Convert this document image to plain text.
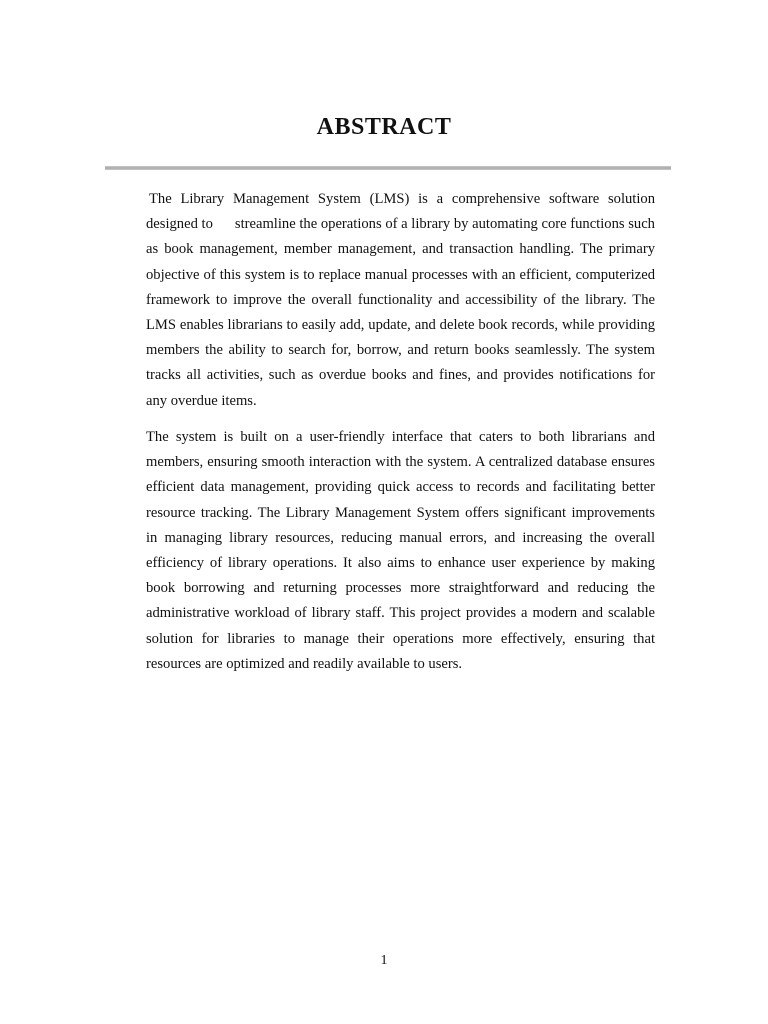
ABSTRACT

The Library Management System (LMS) is a comprehensive software solution designed to streamline the operations of a library by automating core functions such as book management, member management, and transaction handling. The primary objective of this system is to replace manual processes with an efficient, computerized framework to improve the overall functionality and accessibility of the library. The LMS enables librarians to easily add, update, and delete book records, while providing members the ability to search for, borrow, and return books seamlessly. The system tracks all activities, such as overdue books and fines, and provides notifications for any overdue items.

The system is built on a user-friendly interface that caters to both librarians and members, ensuring smooth interaction with the system. A centralized database ensures efficient data management, providing quick access to records and facilitating better resource tracking. The Library Management System offers significant improvements in managing library resources, reducing manual errors, and increasing the overall efficiency of library operations. It also aims to enhance user experience by making book borrowing and returning processes more straightforward and reducing the administrative workload of library staff. This project provides a modern and scalable solution for libraries to manage their operations more effectively, ensuring that resources are optimized and readily available to users.

1
